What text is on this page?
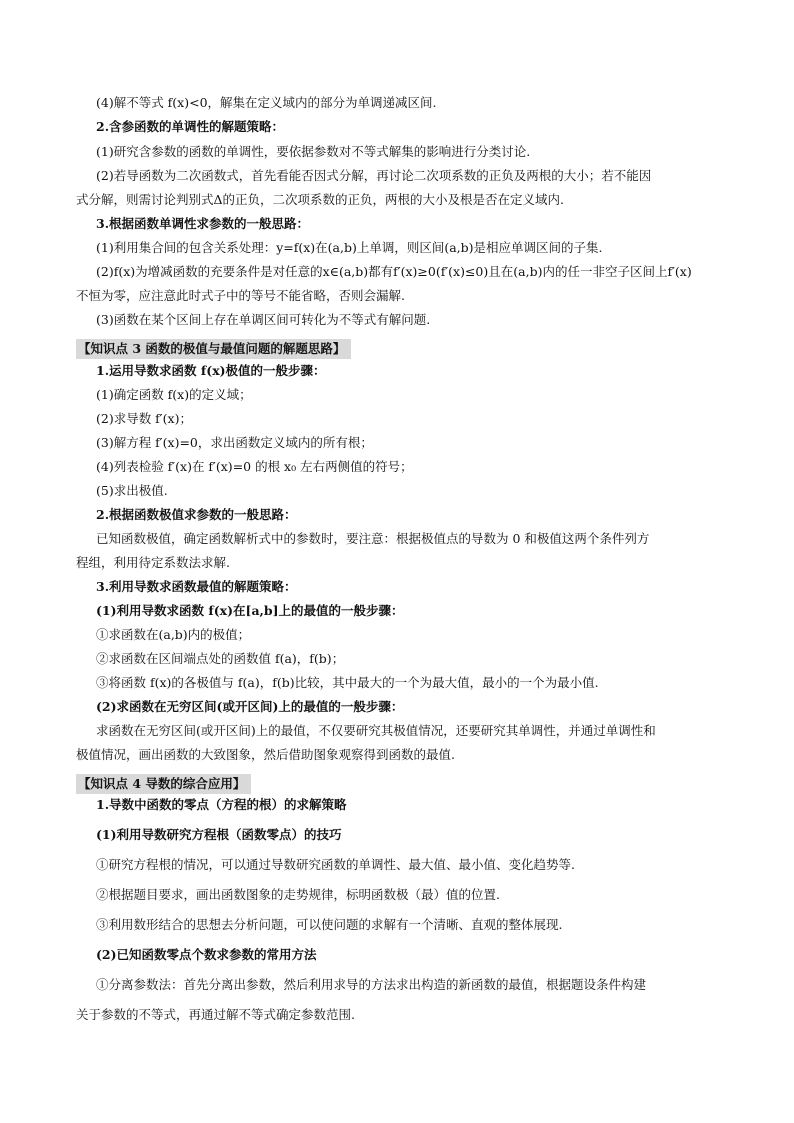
(4)解不等式 f(x)<0，解集在定义域内的部分为单调递减区间.
2.含参函数的单调性的解题策略：
(1)研究含参数的函数的单调性，要依据参数对不等式解集的影响进行分类讨论.
(2)若导函数为二次函数式，首先看能否因式分解，再讨论二次项系数的正负及两根的大小；若不能因
式分解，则需讨论判别式Δ的正负，二次项系数的正负，两根的大小及根是否在定义域内.
3.根据函数单调性求参数的一般思路：
(1)利用集合间的包含关系处理：y=f(x)在(a,b)上单调，则区间(a,b)是相应单调区间的子集.
(2)f(x)为增减函数的充要条件是对任意的x∈(a,b)都有f′(x)≥0(f′(x)≤0)且在(a,b)内的任一非空子区间上f′(x)
不恒为零，应注意此时式子中的等号不能省略，否则会漏解.
(3)函数在某个区间上存在单调区间可转化为不等式有解问题.
【知识点 3 函数的极值与最值问题的解题思路】
1.运用导数求函数 f(x)极值的一般步骤：
(1)确定函数 f(x)的定义域；
(2)求导数 f′(x)；
(3)解方程 f′(x)=0，求出函数定义域内的所有根；
(4)列表检验 f′(x)在 f′(x)=0 的根 x₀ 左右两侧值的符号；
(5)求出极值.
2.根据函数极值求参数的一般思路：
已知函数极值，确定函数解析式中的参数时，要注意：根据极值点的导数为 0 和极值这两个条件列方
程组，利用待定系数法求解.
3.利用导数求函数最值的解题策略：
(1)利用导数求函数 f(x)在[a,b]上的最值的一般步骤：
①求函数在(a,b)内的极值；
②求函数在区间端点处的函数值 f(a)，f(b)；
③将函数 f(x)的各极值与 f(a)，f(b)比较，其中最大的一个为最大值，最小的一个为最小值.
(2)求函数在无穷区间(或开区间)上的最值的一般步骤：
求函数在无穷区间(或开区间)上的最值，不仅要研究其极值情况，还要研究其单调性，并通过单调性和
极值情况，画出函数的大致图象，然后借助图象观察得到函数的最值.
【知识点 4 导数的综合应用】
1.导数中函数的零点（方程的根）的求解策略
(1)利用导数研究方程根（函数零点）的技巧
①研究方程根的情况，可以通过导数研究函数的单调性、最大值、最小值、变化趋势等.
②根据题目要求，画出函数图象的走势规律，标明函数极（最）值的位置.
③利用数形结合的思想去分析问题，可以使问题的求解有一个清晰、直观的整体展现.
(2)已知函数零点个数求参数的常用方法
①分离参数法：首先分离出参数，然后利用求导的方法求出构造的新函数的最值，根据题设条件构建
关于参数的不等式，再通过解不等式确定参数范围.
